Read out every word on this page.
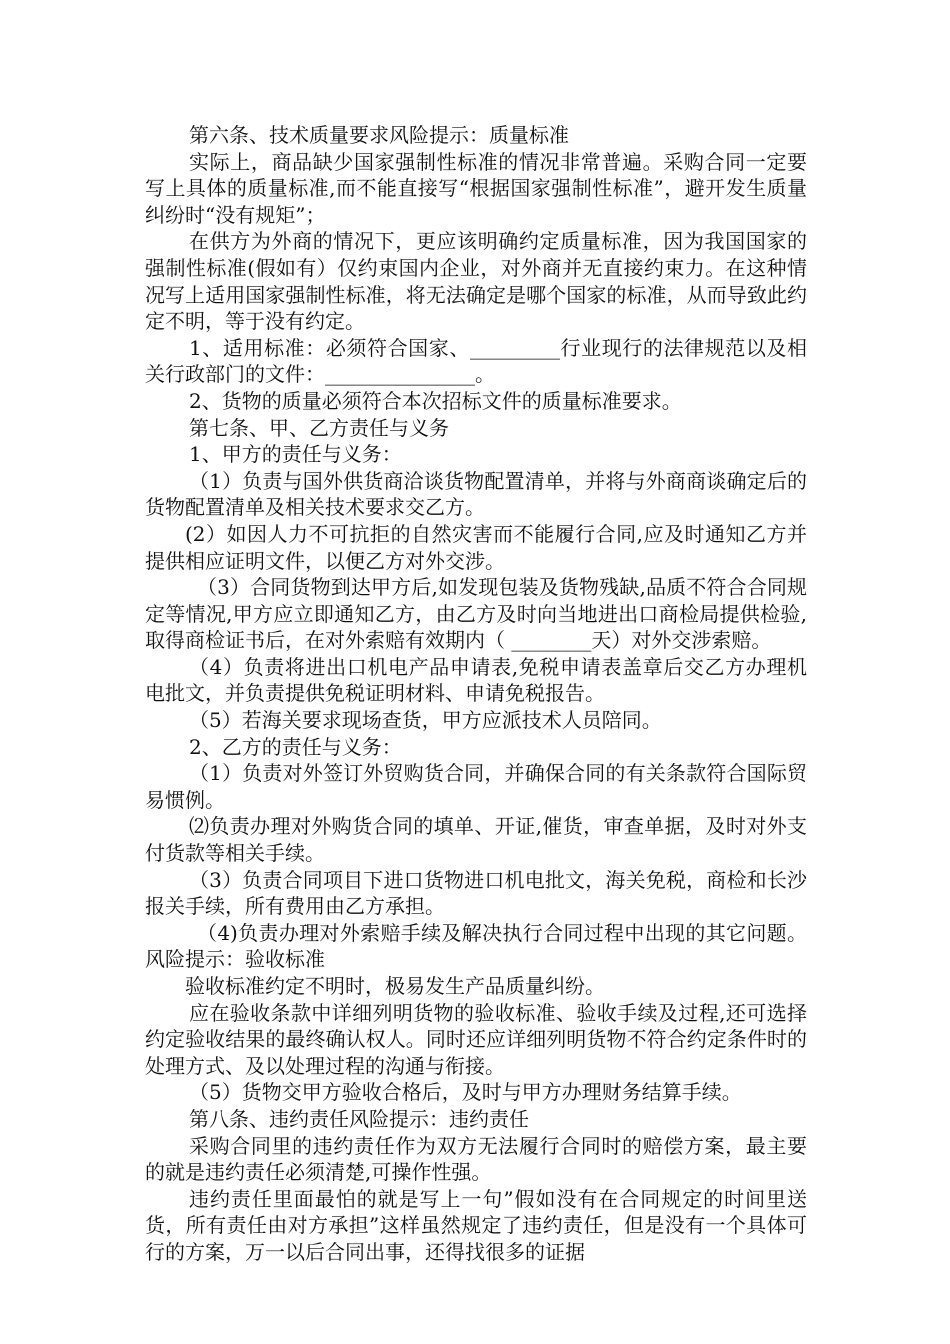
第六条、技术质量要求风险提示：质量标准

实际上，商品缺少国家强制性标准的情况非常普遍。采购合同一定要写上具体的质量标准,而不能直接写“根据国家强制性标准”，避开发生质量纠纷时“没有规矩”；

在供方为外商的情况下，更应该明确约定质量标准，因为我国国家的强制性标准(假如有）仅约束国内企业，对外商并无直接约束力。在这种情况写上适用国家强制性标准，将无法确定是哪个国家的标准，从而导致此约定不明，等于没有约定。

1、适用标准：必须符合国家、_________行业现行的法律规范以及相关行政部门的文件：_______________。

2、货物的质量必须符合本次招标文件的质量标准要求。

第七条、甲、乙方责任与义务

1、甲方的责任与义务：

（1）负责与国外供货商洽谈货物配置清单，并将与外商商谈确定后的货物配置清单及相关技术要求交乙方。

(2）如因人力不可抗拒的自然灾害而不能履行合同,应及时通知乙方并提供相应证明文件，以便乙方对外交涉。

（3）合同货物到达甲方后,如发现包装及货物残缺,品质不符合合同规定等情况,甲方应立即通知乙方，由乙方及时向当地进出口商检局提供检验,取得商检证书后，在对外索赔有效期内（ ________天）对外交涉索赔。

（4）负责将进出口机电产品申请表,免税申请表盖章后交乙方办理机电批文，并负责提供免税证明材料、申请免税报告。

（5）若海关要求现场查货，甲方应派技术人员陪同。

2、乙方的责任与义务：

（1）负责对外签订外贸购货合同，并确保合同的有关条款符合国际贸易惯例。

⑵负责办理对外购货合同的填单、开证,催货，审查单据，及时对外支付货款等相关手续。

（3）负责合同项目下进口货物进口机电批文，海关免税，商检和长沙报关手续，所有费用由乙方承担。

（4)负责办理对外索赔手续及解决执行合同过程中出现的其它问题。风险提示：验收标准

验收标准约定不明时，极易发生产品质量纠纷。

应在验收条款中详细列明货物的验收标准、验收手续及过程,还可选择约定验收结果的最终确认权人。同时还应详细列明货物不符合约定条件时的处理方式、及以处理过程的沟通与衔接。

（5）货物交甲方验收合格后，及时与甲方办理财务结算手续。

第八条、违约责任风险提示：违约责任

采购合同里的违约责任作为双方无法履行合同时的赔偿方案，最主要的就是违约责任必须清楚,可操作性强。

违约责任里面最怕的就是写上一句”假如没有在合同规定的时间里送货，所有责任由对方承担”这样虽然规定了违约责任，但是没有一个具体可行的方案，万一以后合同出事，还得找很多的证据
